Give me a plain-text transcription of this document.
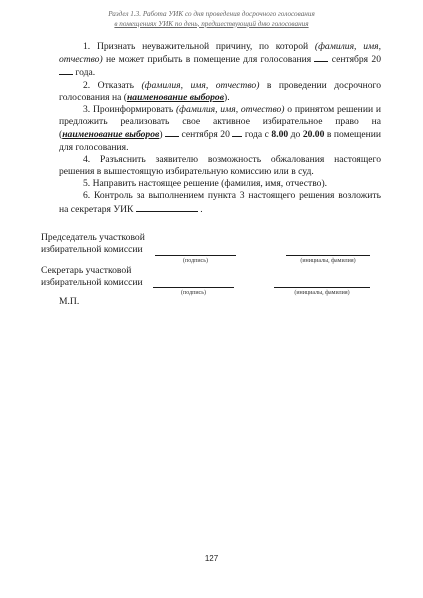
Раздел 1.3. Работа УИК со дня проведения досрочного голосования
в помещениях УИК по день, предшествующий дню голосования

1. Признать неуважительной причину, по которой (фамилия, имя, отчество) не может прибыть в помещение для голосования  сентября 20  года.

2. Отказать (фамилия, имя, отчество) в проведении досрочного голосования на (наименование выборов).

3. Проинформировать (фамилия, имя, отчество) о принятом решении и предложить реализовать свое активное избирательное право на (наименование выборов)  сентября 20  года с 8.00 до 20.00 в помещении для голосования.

4. Разъяснить заявителю возможность обжалования настоящего решения в вышестоящую избирательную комиссию или в суд.

5. Направить настоящее решение (фамилия, имя, отчество).

6. Контроль за выполнением пункта 3 настоящего решения возложить на секретаря УИК	.

Председатель участковой
избирательной комиссии
(подпись)	(инициалы, фамилия)
Секретарь участковой
избирательной комиссии
(подпись)	(инициалы, фамилия)
М.П.
127
